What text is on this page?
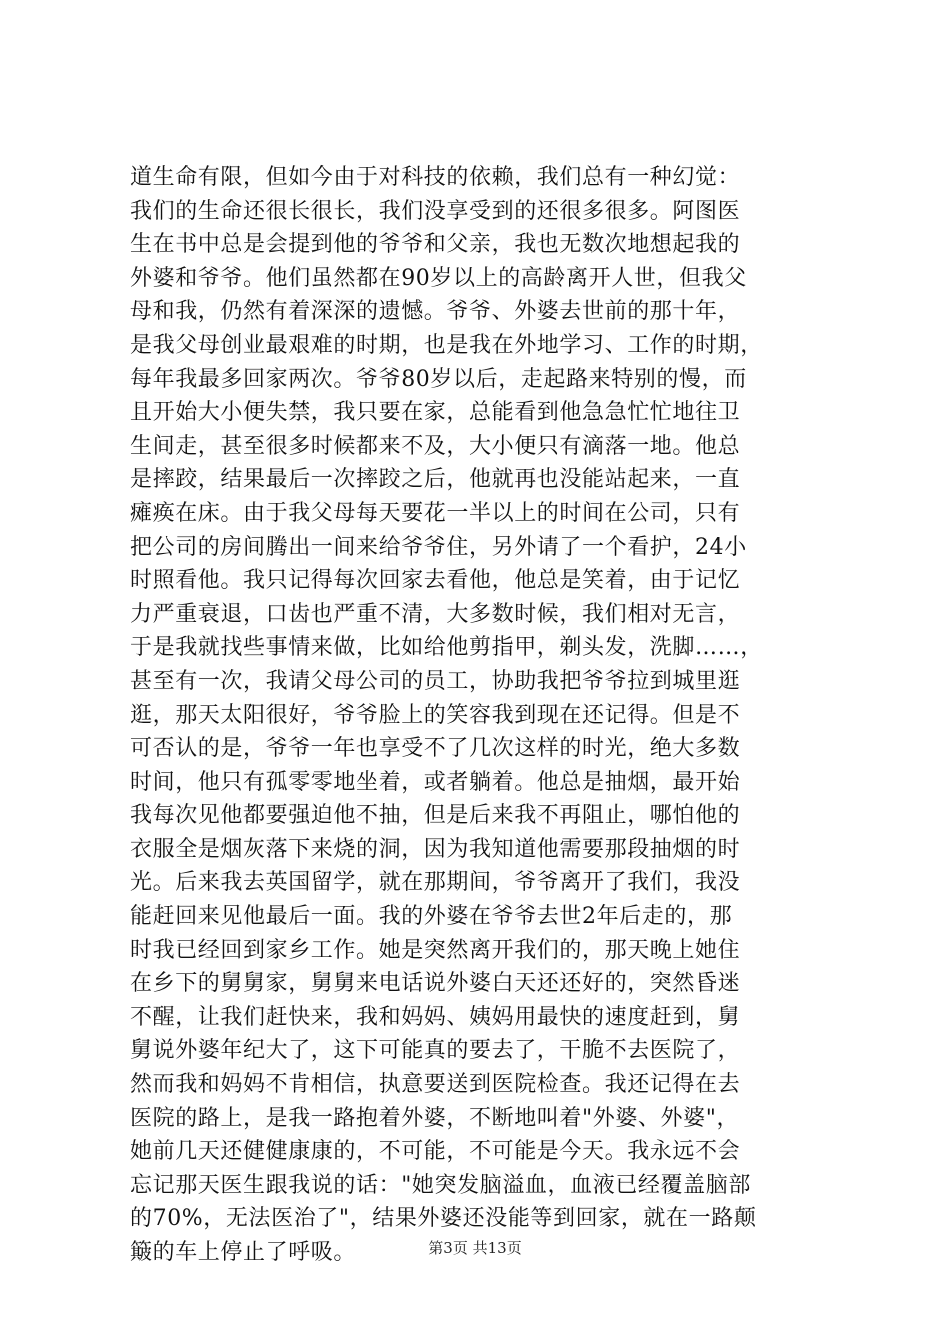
道生命有限，但如今由于对科技的依赖，我们总有一种幻觉：
我们的生命还很长很长，我们没享受到的还很多很多。阿图医
生在书中总是会提到他的爷爷和父亲，我也无数次地想起我的
外婆和爷爷。他们虽然都在90岁以上的高龄离开人世，但我父
母和我，仍然有着深深的遗憾。爷爷、外婆去世前的那十年，
是我父母创业最艰难的时期，也是我在外地学习、工作的时期，
每年我最多回家两次。爷爷80岁以后，走起路来特别的慢，而
且开始大小便失禁，我只要在家，总能看到他急急忙忙地往卫
生间走，甚至很多时候都来不及，大小便只有滴落一地。他总
是摔跤，结果最后一次摔跤之后，他就再也没能站起来，一直
瘫痪在床。由于我父母每天要花一半以上的时间在公司，只有
把公司的房间腾出一间来给爷爷住，另外请了一个看护，24小
时照看他。我只记得每次回家去看他，他总是笑着，由于记忆
力严重衰退，口齿也严重不清，大多数时候，我们相对无言，
于是我就找些事情来做，比如给他剪指甲，剃头发，洗脚……，
甚至有一次，我请父母公司的员工，协助我把爷爷拉到城里逛
逛，那天太阳很好，爷爷脸上的笑容我到现在还记得。但是不
可否认的是，爷爷一年也享受不了几次这样的时光，绝大多数
时间，他只有孤零零地坐着，或者躺着。他总是抽烟，最开始
我每次见他都要强迫他不抽，但是后来我不再阻止，哪怕他的
衣服全是烟灰落下来烧的洞，因为我知道他需要那段抽烟的时
光。后来我去英国留学，就在那期间，爷爷离开了我们，我没
能赶回来见他最后一面。我的外婆在爷爷去世2年后走的，那
时我已经回到家乡工作。她是突然离开我们的，那天晚上她住
在乡下的舅舅家，舅舅来电话说外婆白天还还好的，突然昏迷
不醒，让我们赶快来，我和妈妈、姨妈用最快的速度赶到，舅
舅说外婆年纪大了，这下可能真的要去了，干脆不去医院了，
然而我和妈妈不肯相信，执意要送到医院检查。我还记得在去
医院的路上，是我一路抱着外婆，不断地叫着"外婆、外婆"，
她前几天还健健康康的，不可能，不可能是今天。我永远不会
忘记那天医生跟我说的话："她突发脑溢血，血液已经覆盖脑部
的70%，无法医治了"，结果外婆还没能等到回家，就在一路颠
簸的车上停止了呼吸。	第3页 共13页
